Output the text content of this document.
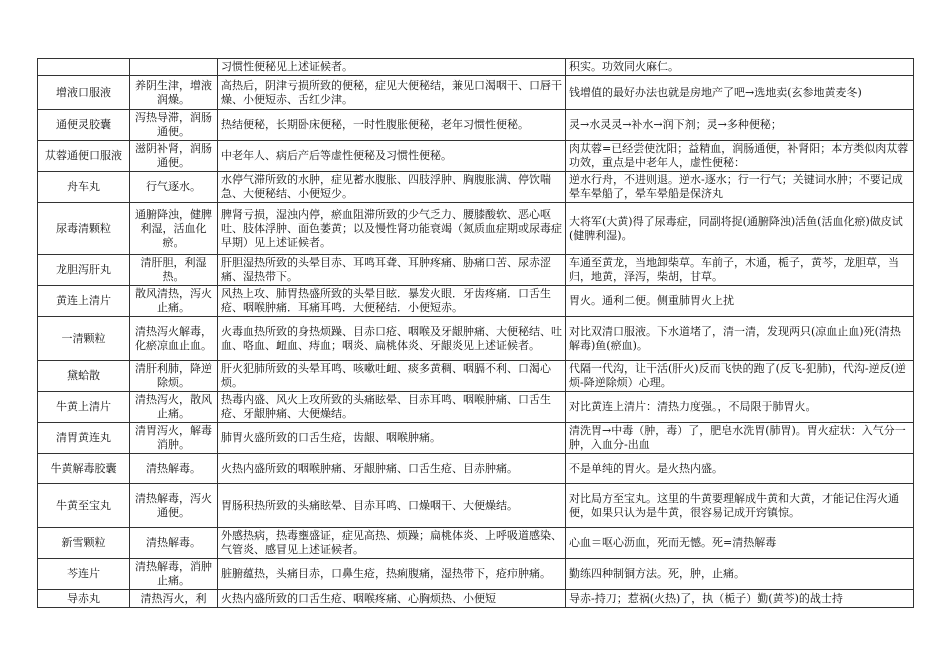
		习惯性便秘见上述证候者。	积实。功效同火麻仁。
增液口服液	养阴生津，增液润燥。	高热后，阴津亏损所致的便秘，症见大便秘结，兼见口渴咽干、口唇干燥、小便短赤、舌红少津。	钱增值的最好办法也就是房地产了吧→选地卖(玄参地黄麦冬)
通便灵胶囊	泻热导滞，润肠通便。	热结便秘，长期卧床便秘，一时性腹胀便秘，老年习惯性便秘。	灵→水灵灵→补水→润下剂；灵→多种便秘；
苁蓉通便口服液	滋阴补肾，润肠通便。	中老年人、病后产后等虚性便秘及习惯性便秘。	肉苁蓉=已经尝使沈阳；益精血，润肠通便，补肾阳；本方类似肉苁蓉功效，重点是中老年人，虚性便秘：
舟车丸	行气逐水。	水停气滞所致的水肿，症见蓄水腹胀、四肢浮肿、胸腹胀满、停饮喘急、大便秘结、小便短少。	逆水行舟，不进则退。逆水-逐水；行一行气；关键词水肿；不要记成晕车晕船了，晕车晕船是保济丸
尿毒清颗粒	通腑降浊，健脾利湿，活血化瘀。	脾肾亏损，湿浊内停，瘀血阻滞所致的少气乏力、腰膝酸软、恶心呕吐、肢体浮肿、面色萎黄；以及慢性肾功能衰竭（氮质血症期或尿毒症早期）见上述证候者。	大将军(大黄)得了尿毒症，同副将捉(通腑降浊)活鱼(活血化瘀)做皮试(健脾利湿)。
龙胆泻肝丸	清肝胆，利湿热。	肝胆湿热所致的头晕目赤、耳鸣耳聋、耳肿疼痛、胁痛口苦、尿赤涩痛、湿热带下。	车通至黄龙，当地卸柴草。车前子，木通，栀子，黄芩，龙胆草，当归，地黄，泽泻，柴胡，甘草。
黄连上清片	散风清热，泻火止痛。	风热上攻、肺胃热盛所致的头晕目眩．暴发火眼．牙齿疼痛．口舌生疮、咽喉肿痛．耳痛耳鸣．大便秘结．小便短赤。	胃火。通利二便。侧重肺胃火上扰
一清颗粒	清热泻火解毒，化瘀凉血止血。	火毒血热所致的身热烦躁、目赤口疮、咽喉及牙龈肿痛、大便秘结、吐血、咯血、衄血、痔血；咽炎、扁桃体炎、牙龈炎见上述证候者。	对比双清口服液。下水道堵了，清一清，发现两只(凉血止血)死(清热解毒)鱼(瘀血)。
黛蛤散	清肝利肺，降逆除烦。	肝火犯肺所致的头晕耳鸣、咳嗽吐衄、痰多黄稠、咽膈不利、口渴心烦。	代隔一代沟，让干活(肝火)反而飞快的跑了(反飞-犯肺)，代沟-逆反(逆烦-降逆除烦）心理。
牛黄上清片	清热泻火，散风止痛。	热毒内盛、风火上攻所致的头痛眩晕、目赤耳鸣、咽喉肿痛、口舌生疮、牙龈肿痛、大便燥结。	对比黄连上清片：清热力度强。，不局限于肺胃火。
清胃黄连丸	清胃泻火，解毒消肿。	肺胃火盛所致的口舌生疮，齿龈、咽喉肿痛。	清洗胃→中毒（肿，毒）了，肥皂水洗胃(肺胃)。胃火症状：入气分一肿，入血分-出血
牛黄解毒胶囊	清热解毒。	火热内盛所致的咽喉肿痛、牙龈肿痛、口舌生疮、目赤肿痛。	不是单纯的胃火。是火热内盛。
牛黄至宝丸	清热解毒，泻火通便。	胃肠积热所致的头痛眩晕、目赤耳鸣、口燥咽干、大便燥结。	对比局方至宝丸。这里的牛黄要理解成牛黄和大黄，才能记住泻火通便，如果只认为是牛黄，很容易记成开窍镇惊。
新雪颗粒	清热解毒。	外感热病，热毒壅盛证，症见高热、烦躁；扁桃体炎、上呼吸道感染、气管炎、感冒见上述证候者。	心血＝呕心沥血，死而无憾。死=清热解毒
芩连片	清热解毒，消肿止痛。	脏腑蕴热，头痛目赤，口鼻生疮，热痢腹痛，湿热带下，疮疖肿痛。	勤练四种制铜方法。死，肿，止痛。
导赤丸	清热泻火，利	火热内盛所致的口舌生疮、咽喉疼痛、心胸烦热、小便短	导赤-持刀；惹祸(火热)了，执（栀子）勤(黄芩)的战士持
